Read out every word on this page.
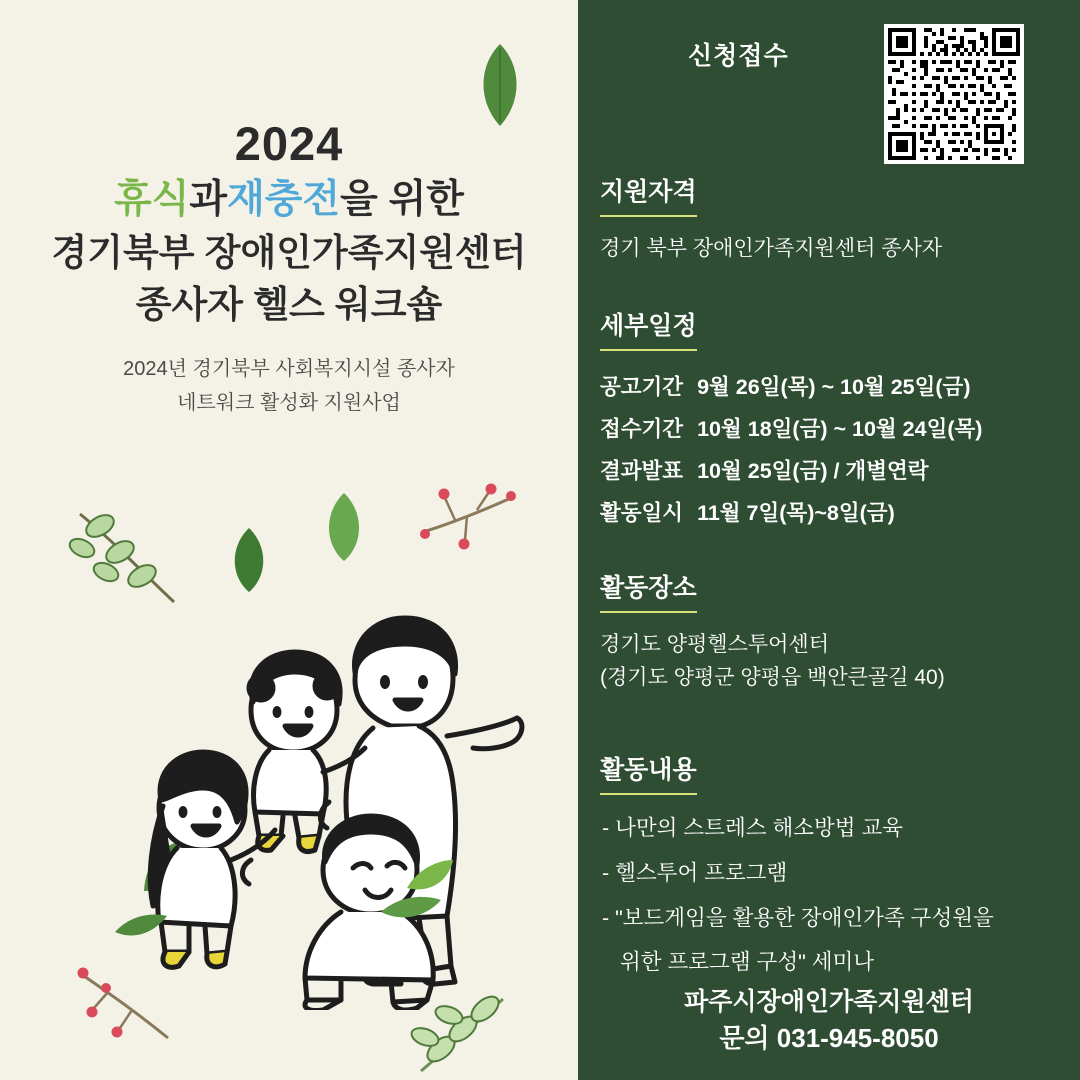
2024
휴식과재충전을 위한
경기북부 장애인가족지원센터
종사자 헬스 워크숍
2024년 경기북부 사회복지시설 종사자
네트워크 활성화 지원사업
신청접수
지원자격
경기 북부 장애인가족지원센터 종사자
세부일정
공고기간 9월 26일(목) ~ 10월 25일(금)
접수기간 10월 18일(금) ~ 10월 24일(목)
결과발표 10월 25일(금) / 개별연락
활동일시 11월 7일(목)~8일(금)
활동장소
경기도 양평헬스투어센터
(경기도 양평군 양평읍 백안큰골길 40)
활동내용
- 나만의 스트레스 해소방법 교육
- 헬스투어 프로그램
- "보드게임을 활용한 장애인가족 구성원을
위한 프로그램 구성" 세미나
파주시장애인가족지원센터
문의 031-945-8050
